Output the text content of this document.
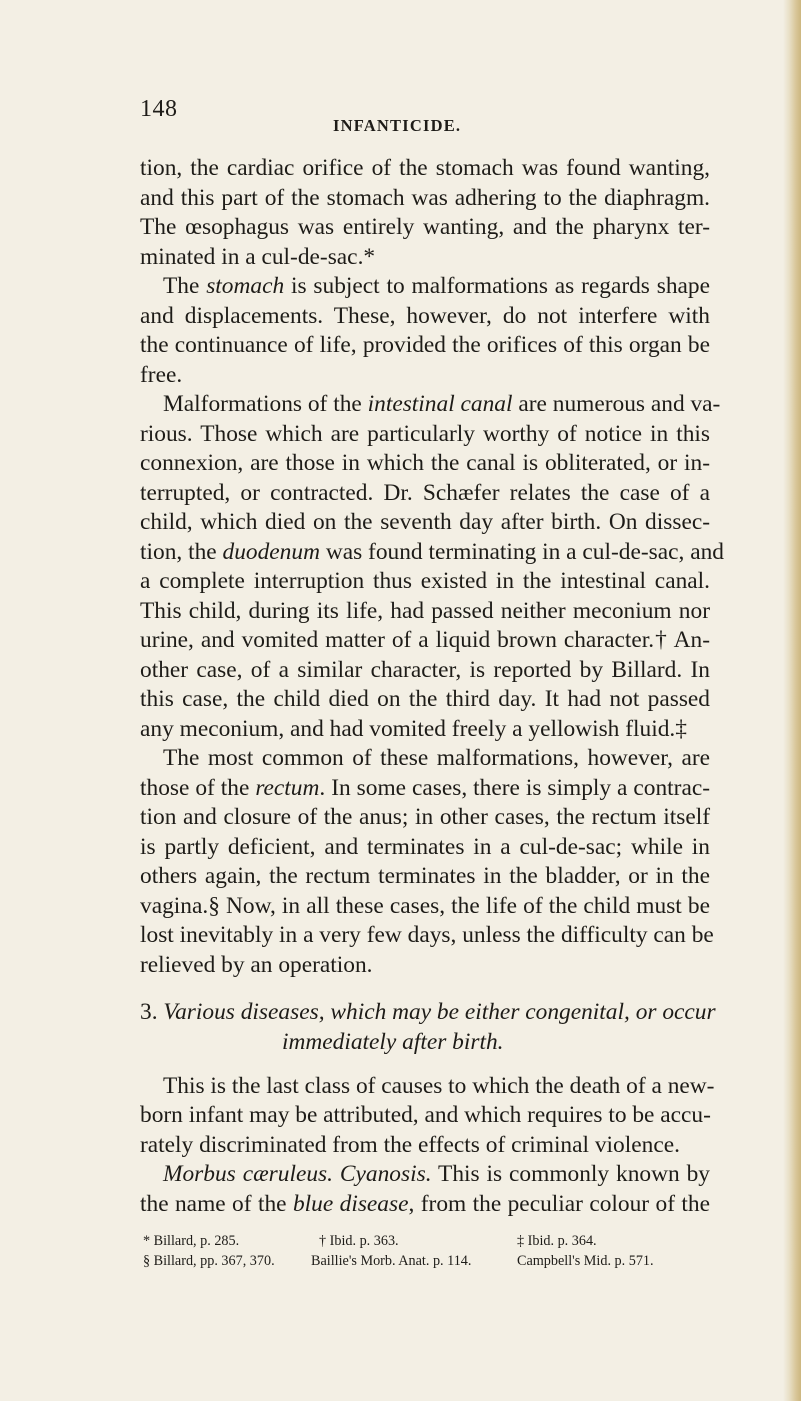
148
INFANTICIDE.
tion, the cardiac orifice of the stomach was found wanting,
and this part of the stomach was adhering to the diaphragm.
The œsophagus was entirely wanting, and the pharynx ter-
minated in a cul-de-sac.*
The stomach is subject to malformations as regards shape
and displacements. These, however, do not interfere with
the continuance of life, provided the orifices of this organ be
free.
Malformations of the intestinal canal are numerous and va-
rious. Those which are particularly worthy of notice in this
connexion, are those in which the canal is obliterated, or in-
terrupted, or contracted. Dr. Schæfer relates the case of a
child, which died on the seventh day after birth. On dissec-
tion, the duodenum was found terminating in a cul-de-sac, and
a complete interruption thus existed in the intestinal canal.
This child, during its life, had passed neither meconium nor
urine, and vomited matter of a liquid brown character.† An-
other case, of a similar character, is reported by Billard. In
this case, the child died on the third day. It had not passed
any meconium, and had vomited freely a yellowish fluid.‡
The most common of these malformations, however, are
those of the rectum. In some cases, there is simply a contrac-
tion and closure of the anus; in other cases, the rectum itself
is partly deficient, and terminates in a cul-de-sac; while in
others again, the rectum terminates in the bladder, or in the
vagina.§ Now, in all these cases, the life of the child must be
lost inevitably in a very few days, unless the difficulty can be
relieved by an operation.
3. Various diseases, which may be either congenital, or occur
immediately after birth.
This is the last class of causes to which the death of a new-
born infant may be attributed, and which requires to be accu-
rately discriminated from the effects of criminal violence.
Morbus cæruleus. Cyanosis. This is commonly known by
the name of the blue disease, from the peculiar colour of the
* Billard, p. 285.	† Ibid. p. 363.	‡ Ibid. p. 364.
§ Billard, pp. 367, 370.	Baillie's Morb. Anat. p. 114.	Campbell's Mid. p. 571.
